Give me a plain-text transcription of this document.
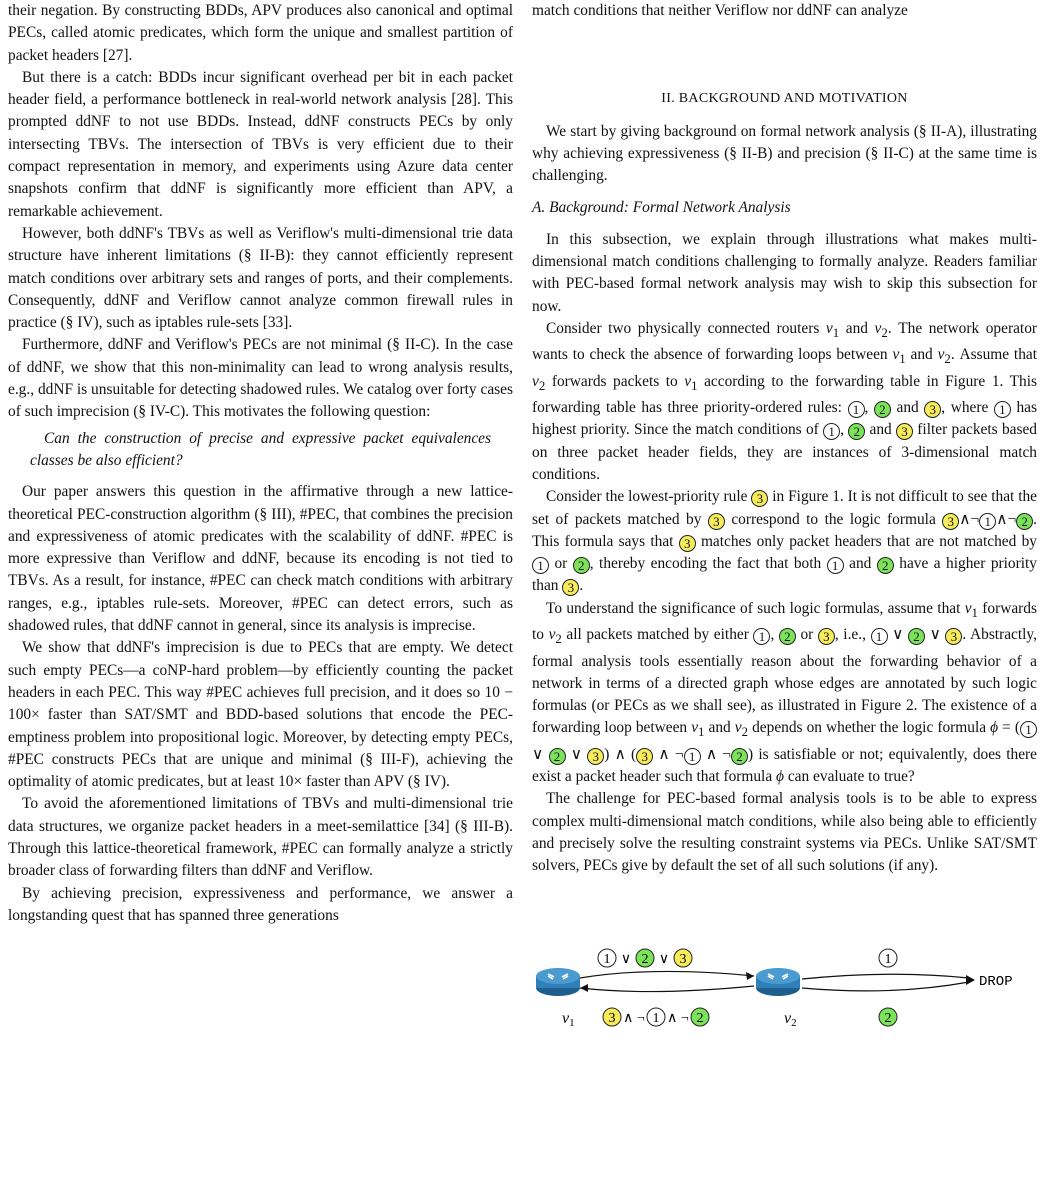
their negation. By constructing BDDs, APV produces also canonical and optimal PECs, called atomic predicates, which form the unique and smallest partition of packet headers [27].

But there is a catch: BDDs incur significant overhead per bit in each packet header field, a performance bottleneck in real-world network analysis [28]. This prompted ddNF to not use BDDs. Instead, ddNF constructs PECs by only intersecting TBVs. The intersection of TBVs is very efficient due to their compact representation in memory, and experiments using Azure data center snapshots confirm that ddNF is significantly more efficient than APV, a remarkable achievement.

However, both ddNF's TBVs as well as Veriflow's multi-dimensional trie data structure have inherent limitations (§ II-B): they cannot efficiently represent match conditions over arbitrary sets and ranges of ports, and their complements. Consequently, ddNF and Veriflow cannot analyze common firewall rules in practice (§ IV), such as iptables rule-sets [33].

Furthermore, ddNF and Veriflow's PECs are not minimal (§ II-C). In the case of ddNF, we show that this non-minimality can lead to wrong analysis results, e.g., ddNF is unsuitable for detecting shadowed rules. We catalog over forty cases of such imprecision (§ IV-C). This motivates the following question:

Can the construction of precise and expressive packet equivalences classes be also efficient?

Our paper answers this question in the affirmative through a new lattice-theoretical PEC-construction algorithm (§ III), #PEC, that combines the precision and expressiveness of atomic predicates with the scalability of ddNF. #PEC is more expressive than Veriflow and ddNF, because its encoding is not tied to TBVs. As a result, for instance, #PEC can check match conditions with arbitrary ranges, e.g., iptables rule-sets. Moreover, #PEC can detect errors, such as shadowed rules, that ddNF cannot in general, since its analysis is imprecise.

We show that ddNF's imprecision is due to PECs that are empty. We detect such empty PECs—a coNP-hard problem—by efficiently counting the packet headers in each PEC. This way #PEC achieves full precision, and it does so 10 − 100× faster than SAT/SMT and BDD-based solutions that encode the PEC-emptiness problem into propositional logic. Moreover, by detecting empty PECs, #PEC constructs PECs that are unique and minimal (§ III-F), achieving the optimality of atomic predicates, but at least 10× faster than APV (§ IV).

To avoid the aforementioned limitations of TBVs and multi-dimensional trie data structures, we organize packet headers in a meet-semilattice [34] (§ III-B). Through this lattice-theoretical framework, #PEC can formally analyze a strictly broader class of forwarding filters than ddNF and Veriflow.

By achieving precision, expressiveness and performance, we answer a longstanding quest that has spanned three generations

match conditions that neither Veriflow nor ddNF can analyze

II. BACKGROUND AND MOTIVATION

We start by giving background on formal network analysis (§ II-A), illustrating why achieving expressiveness (§ II-B) and precision (§ II-C) at the same time is challenging.

A. Background: Formal Network Analysis

In this subsection, we explain through illustrations what makes multi-dimensional match conditions challenging to formally analyze. Readers familiar with PEC-based formal network analysis may wish to skip this subsection for now.

Consider two physically connected routers $\nu_1$ and $\nu_2$. The network operator wants to check the absence of forwarding loops between $\nu_1$ and $\nu_2$. Assume that $\nu_2$ forwards packets to $\nu_1$ according to the forwarding table in Figure 1. This forwarding table has three priority-ordered rules: 1 , 2 and 3 , where 1 has highest priority. Since the match conditions of 1 , 2 and 3 filter packets based on three packet header fields, they are instances of 3-dimensional match conditions.

Consider the lowest-priority rule 3 in Figure 1. It is not difficult to see that the set of packets matched by 3 correspond to the logic formula 3 ∧¬ 1 ∧¬ 2 . This formula says that 3 matches only packet headers that are not matched by 1 or 2 , thereby encoding the fact that both 1 and 2 have a higher priority than 3 .

To understand the significance of such logic formulas, assume that $\nu_1$ forwards to $\nu_2$ all packets matched by either 1 , 2 or 3 , i.e., 1 ∨ 2 ∨ 3 . Abstractly, formal analysis tools essentially reason about the forwarding behavior of a network in terms of a directed graph whose edges are annotated by such logic formulas (or PECs as we shall see), as illustrated in Figure 2. The existence of a forwarding loop between $\nu_1$ and $\nu_2$ depends on whether the logic formula ϕ = ( 1 ∨ 2 ∨ 3 ) ∧ ( 3 ∧ ¬ 1 ∧ ¬ 2 ) is satisfiable or not; equivalently, does there exist a packet header such that formula ϕ can evaluate to true?

The challenge for PEC-based formal analysis tools is to be able to express complex multi-dimensional match conditions, while also being able to efficiently and precisely solve the resulting constraint systems via PECs. Unlike SAT/SMT solvers, PECs give by default the set of all such solutions (if any).

1 ∨ 2 ∨ 3
ν1	ν2
3 ∧ ¬ 1 ∧ ¬ 2
1
2
DROP
